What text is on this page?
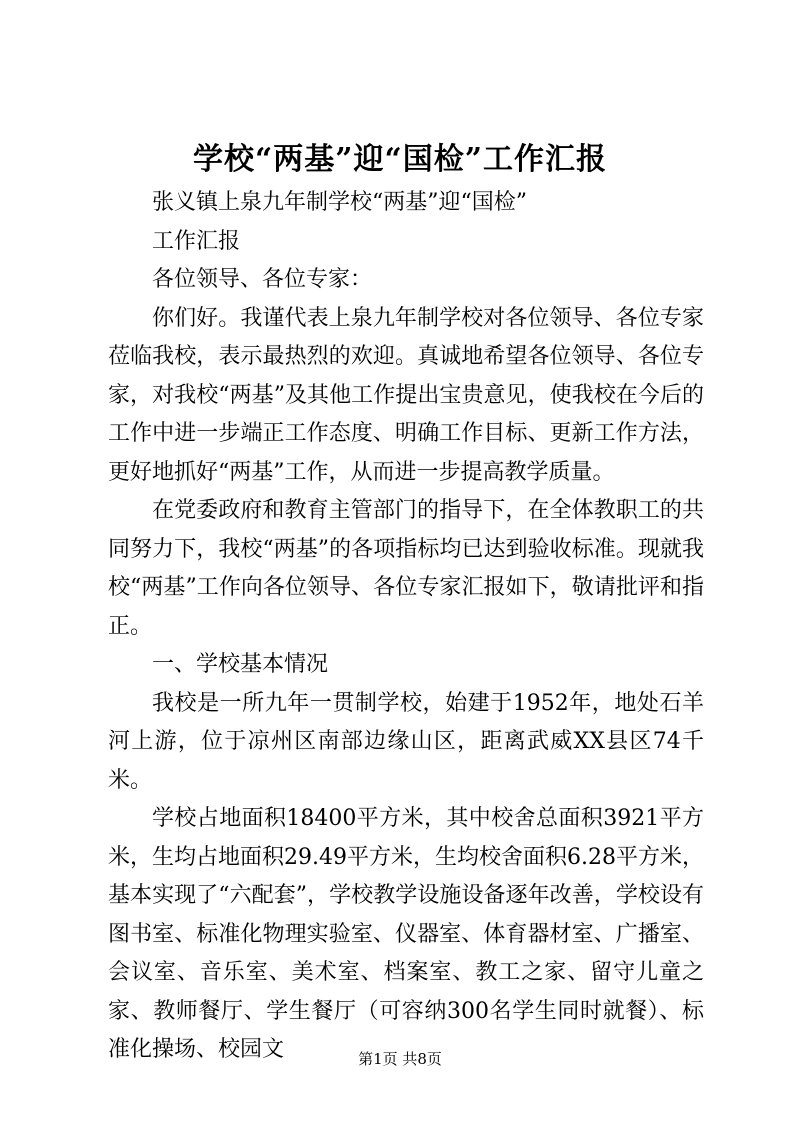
学校“两基”迎“国检”工作汇报

张义镇上泉九年制学校“两基”迎“国检”

工作汇报

各位领导、各位专家：

你们好。我谨代表上泉九年制学校对各位领导、各位专家莅临我校，表示最热烈的欢迎。真诚地希望各位领导、各位专家，对我校“两基”及其他工作提出宝贵意见，使我校在今后的工作中进一步端正工作态度、明确工作目标、更新工作方法，更好地抓好“两基”工作，从而进一步提高教学质量。

在党委政府和教育主管部门的指导下，在全体教职工的共同努力下，我校“两基”的各项指标均已达到验收标准。现就我校“两基”工作向各位领导、各位专家汇报如下，敬请批评和指正。

一、学校基本情况

我校是一所九年一贯制学校，始建于1952年，地处石羊河上游，位于凉州区南部边缘山区，距离武威XX县区74千米。

学校占地面积18400平方米，其中校舍总面积3921平方米，生均占地面积29.49平方米，生均校舍面积6.28平方米，基本实现了“六配套”，学校教学设施设备逐年改善，学校设有图书室、标准化物理实验室、仪器室、体育器材室、广播室、会议室、音乐室、美术室、档案室、教工之家、留守儿童之家、教师餐厅、学生餐厅（可容纳300名学生同时就餐）、标准化操场、校园文	第1页 共8页
